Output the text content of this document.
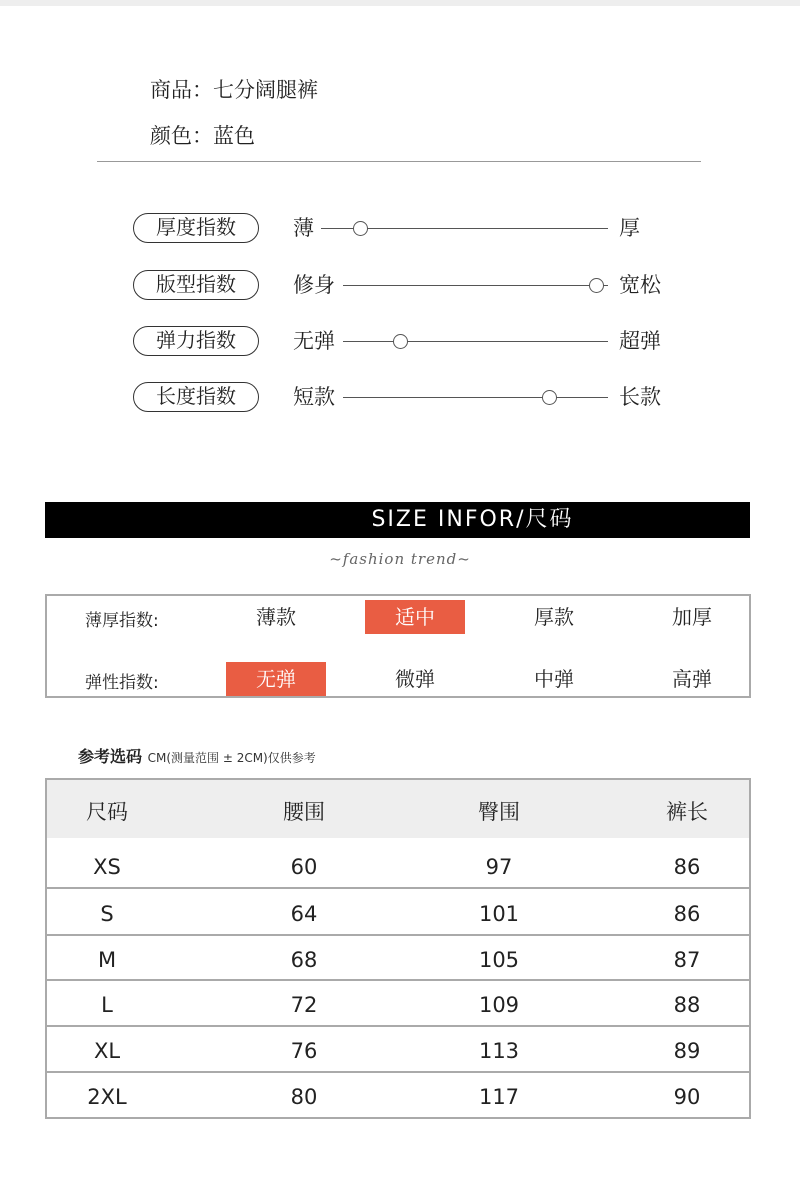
商品：七分阔腿裤
颜色：蓝色
厚度指数	薄	厚
版型指数	修身	宽松
弹力指数	无弹	超弹
长度指数	短款	长款
SIZE INFOR/尺码
~fashion trend~
薄厚指数:	薄款	适中	厚款	加厚
弹性指数:	无弹	微弹	中弹	高弹
参考选码 CM(测量范围 ± 2CM)仅供参考
尺码	腰围	臀围	裤长
XS	60	97	86
S	64	101	86
M	68	105	87
L	72	109	88
XL	76	113	89
2XL	80	117	90
